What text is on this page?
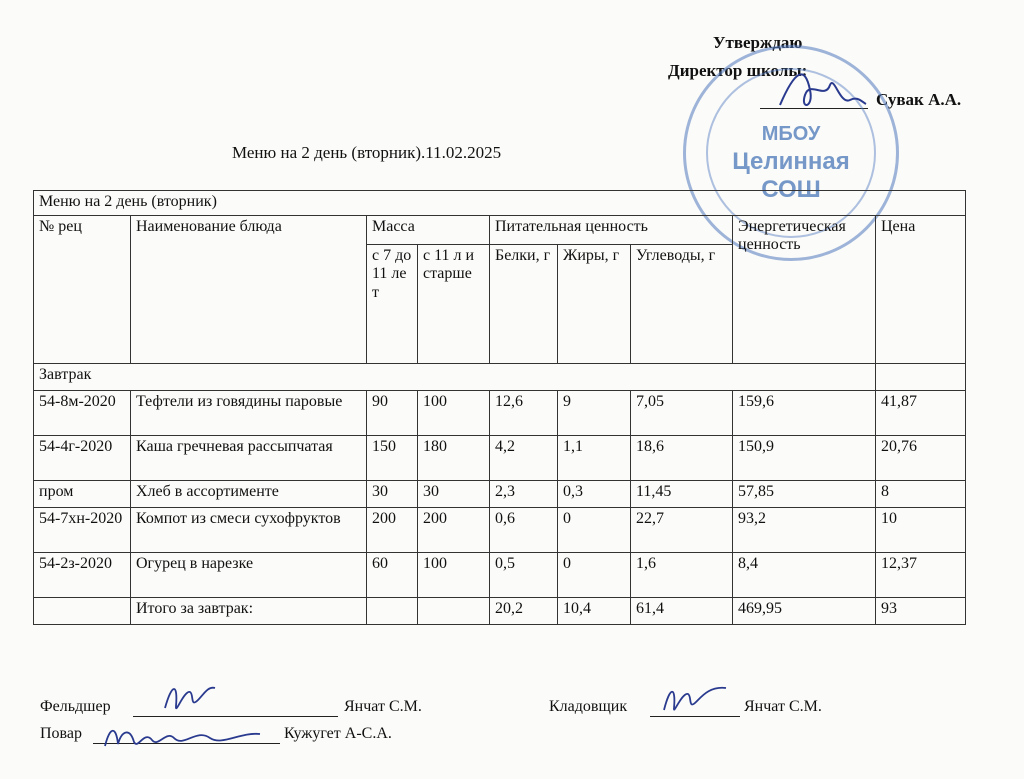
Утверждаю
Директор школы:
Сувак А.А.
МБОУ
Целинная
СОШ
Меню на 2 день (вторник).11.02.2025
Меню на 2 день (вторник)								
№ рец	Наименование блюда	Масса		Питательная ценность			Энергетическая ценность	Цена
		с 7 до 11 лет	с 11 л и старше	Белки, г	Жиры, г	Углеводы, г		
Завтрак								
54-8м-2020	Тефтели из говядины паровые	90	100	12,6	9	7,05	159,6	41,87
54-4г-2020	Каша гречневая рассыпчатая	150	180	4,2	1,1	18,6	150,9	20,76
пром	Хлеб в ассортименте	30	30	2,3	0,3	11,45	57,85	8
54-7хн-2020	Компот из смеси сухофруктов	200	200	0,6	0	22,7	93,2	10
54-2з-2020	Огурец в нарезке	60	100	0,5	0	1,6	8,4	12,37
	Итого за завтрак:			20,2	10,4	61,4	469,95	93
Фельдшер	Янчат С.М.
Повар	Кужугет А-С.А.
Кладовщик	Янчат С.М.
